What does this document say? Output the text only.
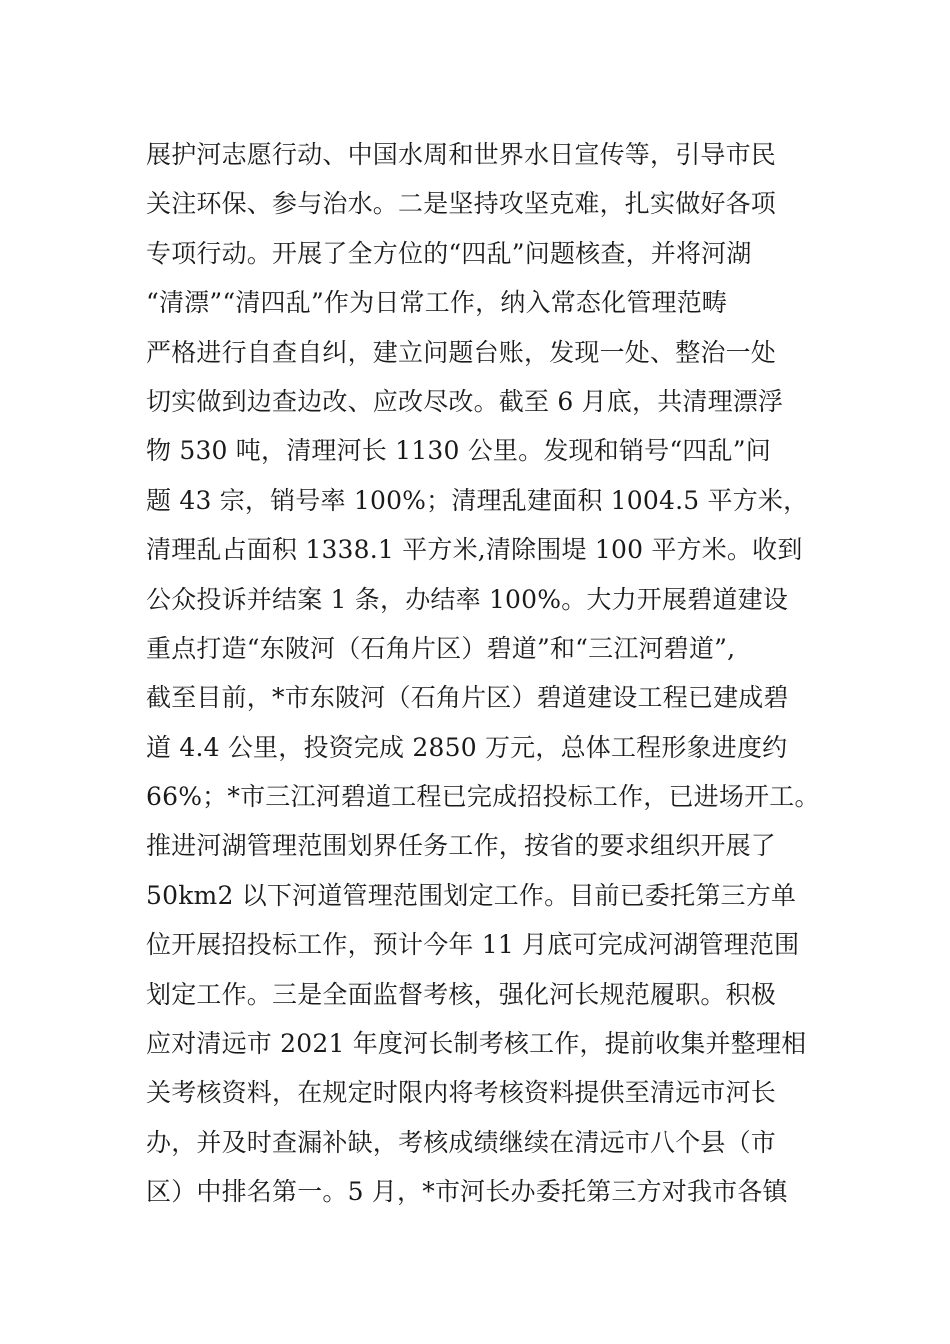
展护河志愿行动、中国水周和世界水日宣传等，引导市民
关注环保、参与治水。二是坚持攻坚克难，扎实做好各项
专项行动。开展了全方位的“四乱”问题核查，并将河湖
“清漂”“清四乱”作为日常工作，纳入常态化管理范畴
严格进行自查自纠，建立问题台账，发现一处、整治一处
切实做到边查边改、应改尽改。截至 6 月底，共清理漂浮
物 530 吨，清理河长 1130 公里。发现和销号“四乱”问
题 43 宗，销号率 100%；清理乱建面积 1004.5 平方米，
清理乱占面积 1338.1 平方米,清除围堤 100 平方米。收到
公众投诉并结案 1 条，办结率 100%。大力开展碧道建设
重点打造“东陂河（石角片区）碧道”和“三江河碧道”,
截至目前，*市东陂河（石角片区）碧道建设工程已建成碧
道 4.4 公里，投资完成 2850 万元，总体工程形象进度约
66%；*市三江河碧道工程已完成招投标工作，已进场开工。
推进河湖管理范围划界任务工作，按省的要求组织开展了
50km2 以下河道管理范围划定工作。目前已委托第三方单
位开展招投标工作，预计今年 11 月底可完成河湖管理范围
划定工作。三是全面监督考核，强化河长规范履职。积极
应对清远市 2021 年度河长制考核工作，提前收集并整理相
关考核资料，在规定时限内将考核资料提供至清远市河长
办，并及时查漏补缺，考核成绩继续在清远市八个县（市
区）中排名第一。5 月，*市河长办委托第三方对我市各镇
